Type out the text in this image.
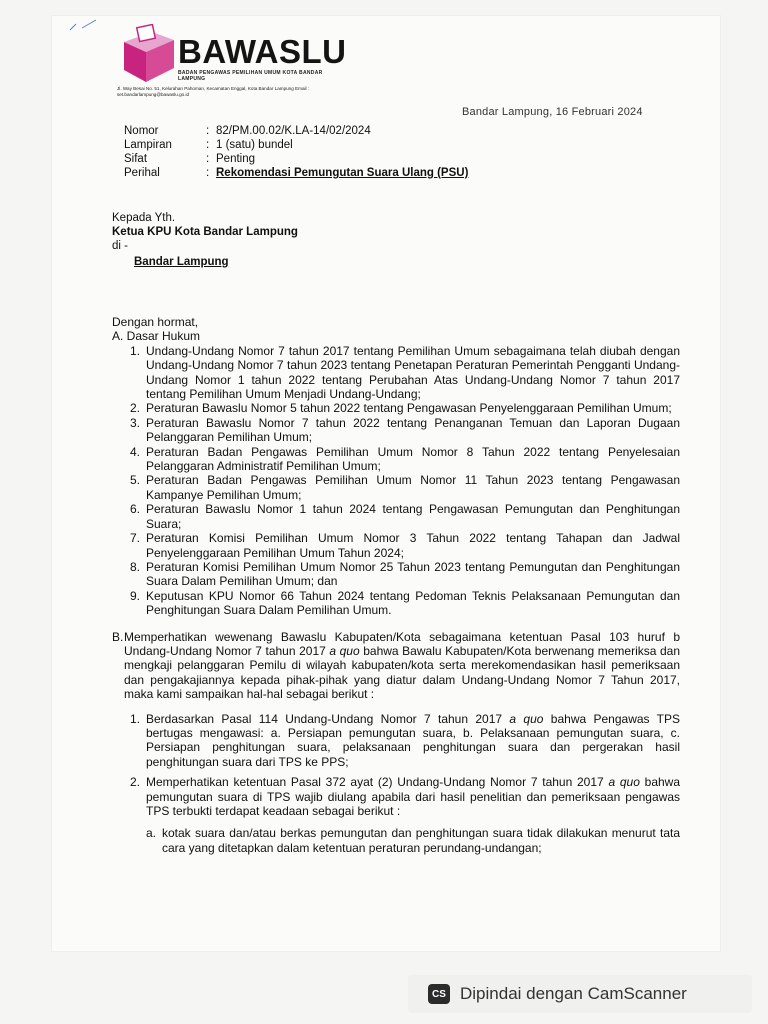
BAWASLU
BADAN PENGAWAS PEMILIHAN UMUM KOTA BANDAR LAMPUNG
Jl. Way Besai No. 51, Kelurahan Pahoman, Kecamatan Enggal, Kota Bandar Lampung Email : set.bandarlampung@bawaslu.go.id
Bandar Lampung, 16 Februari 2024
Nomor	: 82/PM.00.02/K.LA-14/02/2024
Lampiran	: 1 (satu) bundel
Sifat	: Penting
Perihal	: Rekomendasi Pemungutan Suara Ulang (PSU)
Kepada Yth.
Ketua KPU Kota Bandar Lampung
di -
Bandar Lampung

Dengan hormat,

A. Dasar Hukum

1. Undang-Undang Nomor 7 tahun 2017 tentang Pemilihan Umum sebagaimana telah diubah dengan Undang-Undang Nomor 7 tahun 2023 tentang Penetapan Peraturan Pemerintah Pengganti Undang-Undang Nomor 1 tahun 2022 tentang Perubahan Atas Undang-Undang Nomor 7 tahun 2017 tentang Pemilihan Umum Menjadi Undang-Undang;
2. Peraturan Bawaslu Nomor 5 tahun 2022 tentang Pengawasan Penyelenggaraan Pemilihan Umum;
3. Peraturan Bawaslu Nomor 7 tahun 2022 tentang Penanganan Temuan dan Laporan Dugaan Pelanggaran Pemilihan Umum;
4. Peraturan Badan Pengawas Pemilihan Umum Nomor 8 Tahun 2022 tentang Penyelesaian Pelanggaran Administratif Pemilihan Umum;
5. Peraturan Badan Pengawas Pemilihan Umum Nomor 11 Tahun 2023 tentang Pengawasan Kampanye Pemilihan Umum;
6. Peraturan Bawaslu Nomor 1 tahun 2024 tentang Pengawasan Pemungutan dan Penghitungan Suara;
7. Peraturan Komisi Pemilihan Umum Nomor 3 Tahun 2022 tentang Tahapan dan Jadwal Penyelenggaraan Pemilihan Umum Tahun 2024;
8. Peraturan Komisi Pemilihan Umum Nomor 25 Tahun 2023 tentang Pemungutan dan Penghitungan Suara Dalam Pemilihan Umum; dan
9. Keputusan KPU Nomor 66 Tahun 2024 tentang Pedoman Teknis Pelaksanaan Pemungutan dan Penghitungan Suara Dalam Pemilihan Umum.
B. Memperhatikan wewenang Bawaslu Kabupaten/Kota sebagaimana ketentuan Pasal 103 huruf b Undang-Undang Nomor 7 tahun 2017 a quo bahwa Bawalu Kabupaten/Kota berwenang memeriksa dan mengkaji pelanggaran Pemilu di wilayah kabupaten/kota serta merekomendasikan hasil pemeriksaan dan pengakajiannya kepada pihak-pihak yang diatur dalam Undang-Undang Nomor 7 Tahun 2017, maka kami sampaikan hal-hal sebagai berikut :
1. Berdasarkan Pasal 114 Undang-Undang Nomor 7 tahun 2017 a quo bahwa Pengawas TPS bertugas mengawasi: a. Persiapan pemungutan suara, b. Pelaksanaan pemungutan suara, c. Persiapan penghitungan suara, pelaksanaan penghitungan suara dan pergerakan hasil penghitungan suara dari TPS ke PPS;
2. Memperhatikan ketentuan Pasal 372 ayat (2) Undang-Undang Nomor 7 tahun 2017 a quo bahwa pemungutan suara di TPS wajib diulang apabila dari hasil penelitian dan pemeriksaan pengawas TPS terbukti terdapat keadaan sebagai berikut :
a. kotak suara dan/atau berkas pemungutan dan penghitungan suara tidak dilakukan menurut tata cara yang ditetapkan dalam ketentuan peraturan perundang-undangan;
CS Dipindai dengan CamScanner
